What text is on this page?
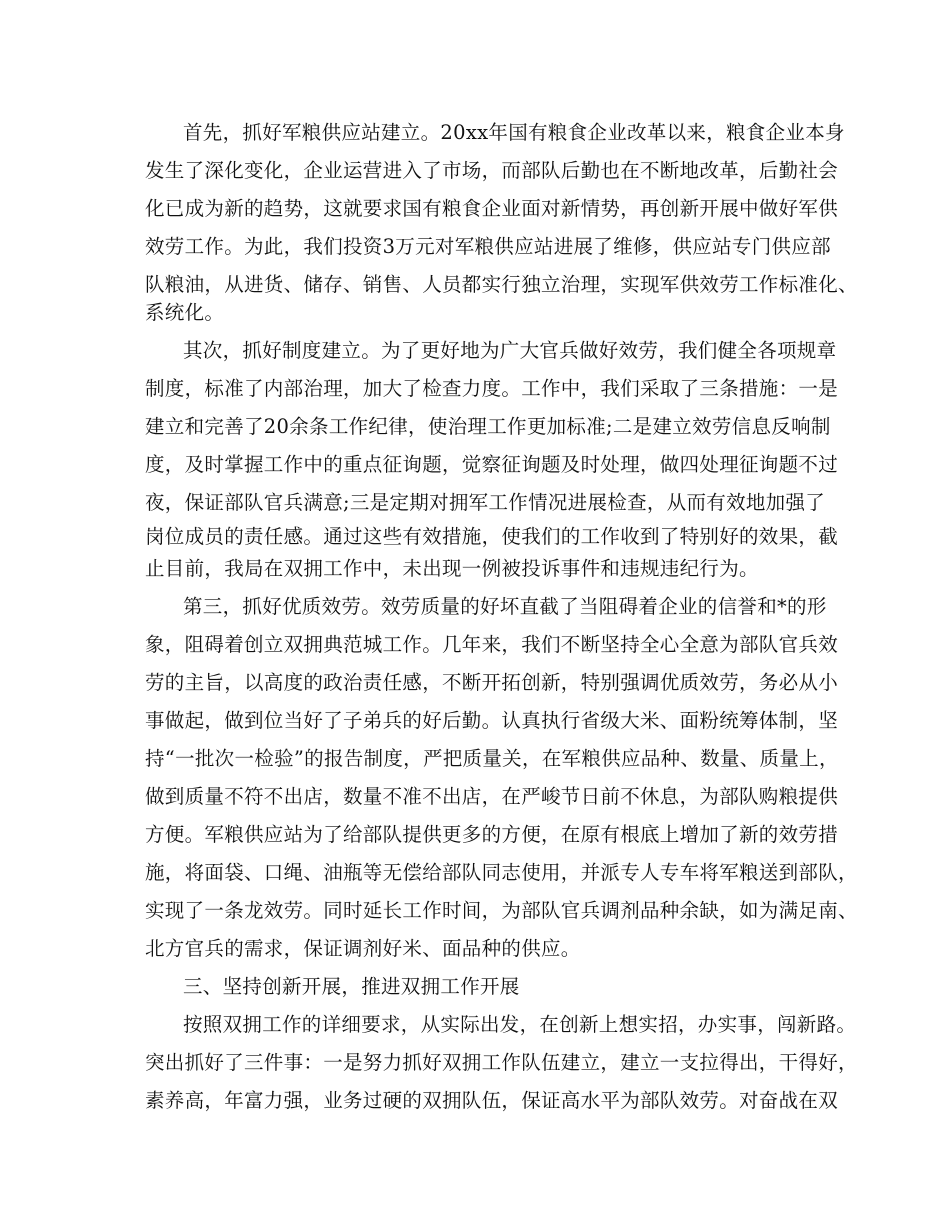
首先，抓好军粮供应站建立。20xx年国有粮食企业改革以来，粮食企业本身

发生了深化变化，企业运营进入了市场，而部队后勤也在不断地改革，后勤社会

化已成为新的趋势，这就要求国有粮食企业面对新情势，再创新开展中做好军供

效劳工作。为此，我们投资3万元对军粮供应站进展了维修，供应站专门供应部

队粮油，从进货、储存、销售、人员都实行独立治理，实现军供效劳工作标准化、

系统化。

其次，抓好制度建立。为了更好地为广大官兵做好效劳，我们健全各项规章

制度，标准了内部治理，加大了检查力度。工作中，我们采取了三条措施：一是

建立和完善了20余条工作纪律，使治理工作更加标准;二是建立效劳信息反响制

度，及时掌握工作中的重点征询题，觉察征询题及时处理，做四处理征询题不过

夜，保证部队官兵满意;三是定期对拥军工作情况进展检查，从而有效地加强了

岗位成员的责任感。通过这些有效措施，使我们的工作收到了特别好的效果，截

止目前，我局在双拥工作中，未出现一例被投诉事件和违规违纪行为。

第三，抓好优质效劳。效劳质量的好坏直截了当阻碍着企业的信誉和*的形

象，阻碍着创立双拥典范城工作。几年来，我们不断坚持全心全意为部队官兵效

劳的主旨，以高度的政治责任感，不断开拓创新，特别强调优质效劳，务必从小

事做起，做到位当好了子弟兵的好后勤。认真执行省级大米、面粉统筹体制，坚

持“一批次一检验”的报告制度，严把质量关，在军粮供应品种、数量、质量上，

做到质量不符不出店，数量不准不出店，在严峻节日前不休息，为部队购粮提供

方便。军粮供应站为了给部队提供更多的方便，在原有根底上增加了新的效劳措

施，将面袋、口绳、油瓶等无偿给部队同志使用，并派专人专车将军粮送到部队，

实现了一条龙效劳。同时延长工作时间，为部队官兵调剂品种余缺，如为满足南、

北方官兵的需求，保证调剂好米、面品种的供应。

三、坚持创新开展，推进双拥工作开展

按照双拥工作的详细要求，从实际出发，在创新上想实招，办实事，闯新路。

突出抓好了三件事：一是努力抓好双拥工作队伍建立，建立一支拉得出，干得好，

素养高，年富力强，业务过硬的双拥队伍，保证高水平为部队效劳。对奋战在双
